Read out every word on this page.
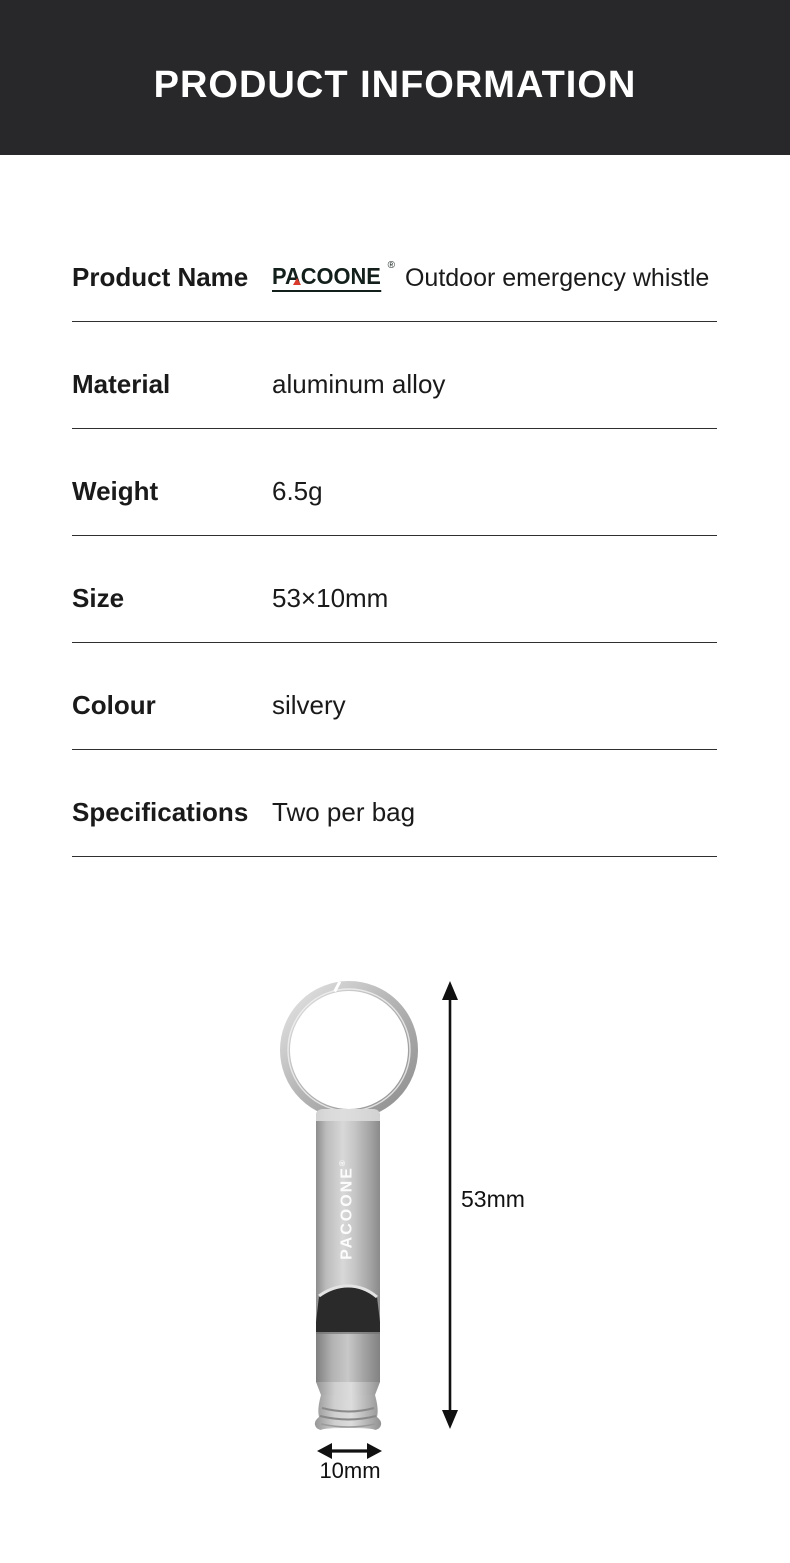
PRODUCT INFORMATION
Product Name	PACOONE ® Outdoor emergency whistle
Material	aluminum alloy
Weight	6.5g
Size	53×10mm
Colour	silvery
Specifications Two per bag
PACOONE®
53mm
10mm
